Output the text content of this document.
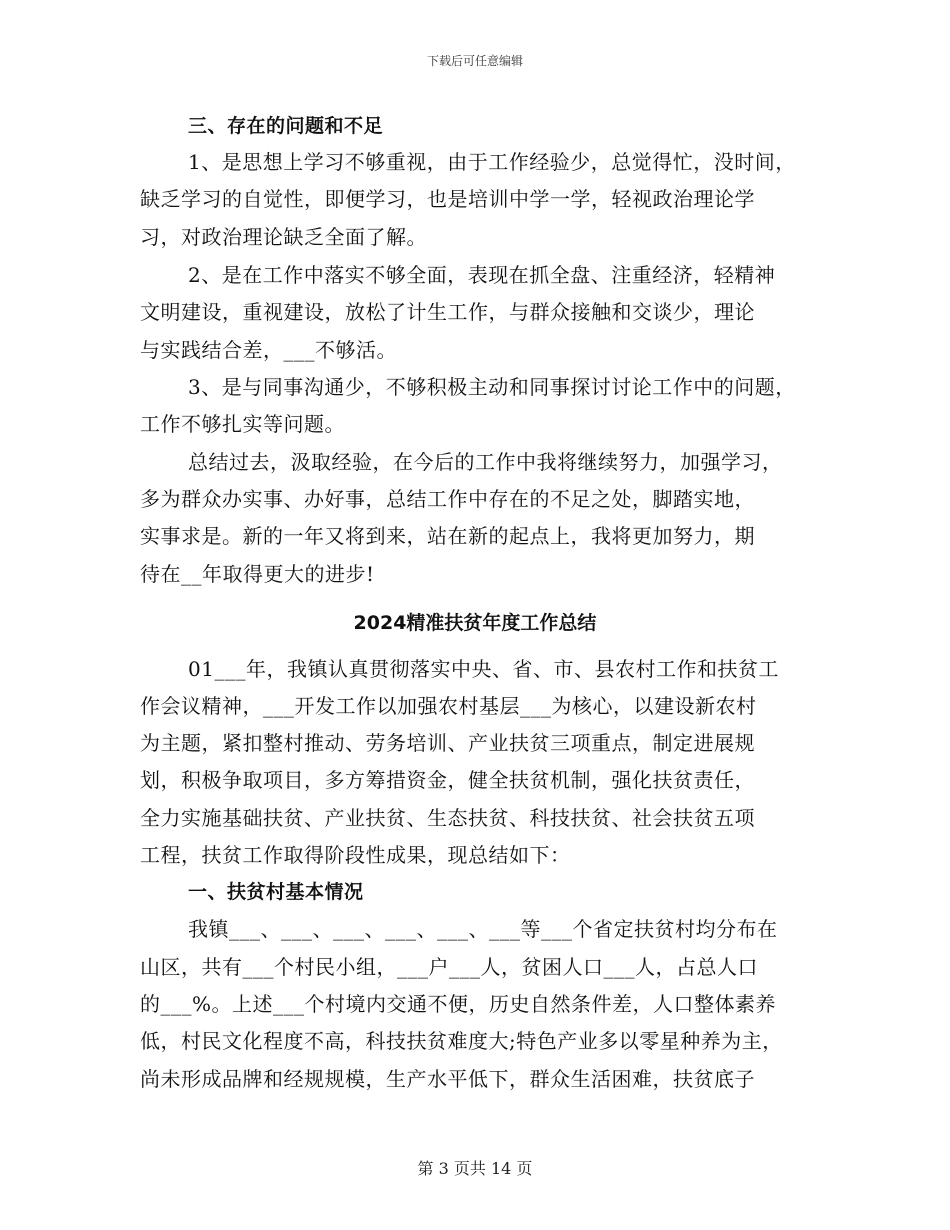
下载后可任意编辑
三、存在的问题和不足
1、是思想上学习不够重视，由于工作经验少，总觉得忙，没时间，
缺乏学习的自觉性，即便学习，也是培训中学一学，轻视政治理论学
习，对政治理论缺乏全面了解。
2、是在工作中落实不够全面，表现在抓全盘、注重经济，轻精神
文明建设，重视建设，放松了计生工作，与群众接触和交谈少，理论
与实践结合差，___不够活。
3、是与同事沟通少，不够积极主动和同事探讨讨论工作中的问题，
工作不够扎实等问题。
总结过去，汲取经验，在今后的工作中我将继续努力，加强学习，
多为群众办实事、办好事，总结工作中存在的不足之处，脚踏实地，
实事求是。新的一年又将到来，站在新的起点上，我将更加努力，期
待在__年取得更大的进步!
2024精准扶贫年度工作总结
01___年，我镇认真贯彻落实中央、省、市、县农村工作和扶贫工
作会议精神，___开发工作以加强农村基层___为核心，以建设新农村
为主题，紧扣整村推动、劳务培训、产业扶贫三项重点，制定进展规
划，积极争取项目，多方筹措资金，健全扶贫机制，强化扶贫责任，
全力实施基础扶贫、产业扶贫、生态扶贫、科技扶贫、社会扶贫五项
工程，扶贫工作取得阶段性成果，现总结如下：
一、扶贫村基本情况
我镇___、___、___、___、___、___等___个省定扶贫村均分布在
山区，共有___个村民小组，___户___人，贫困人口___人，占总人口
的___%。上述___个村境内交通不便，历史自然条件差，人口整体素养
低，村民文化程度不高，科技扶贫难度大;特色产业多以零星种养为主，
尚未形成品牌和经规规模，生产水平低下，群众生活困难，扶贫底子
第 3 页共 14 页
